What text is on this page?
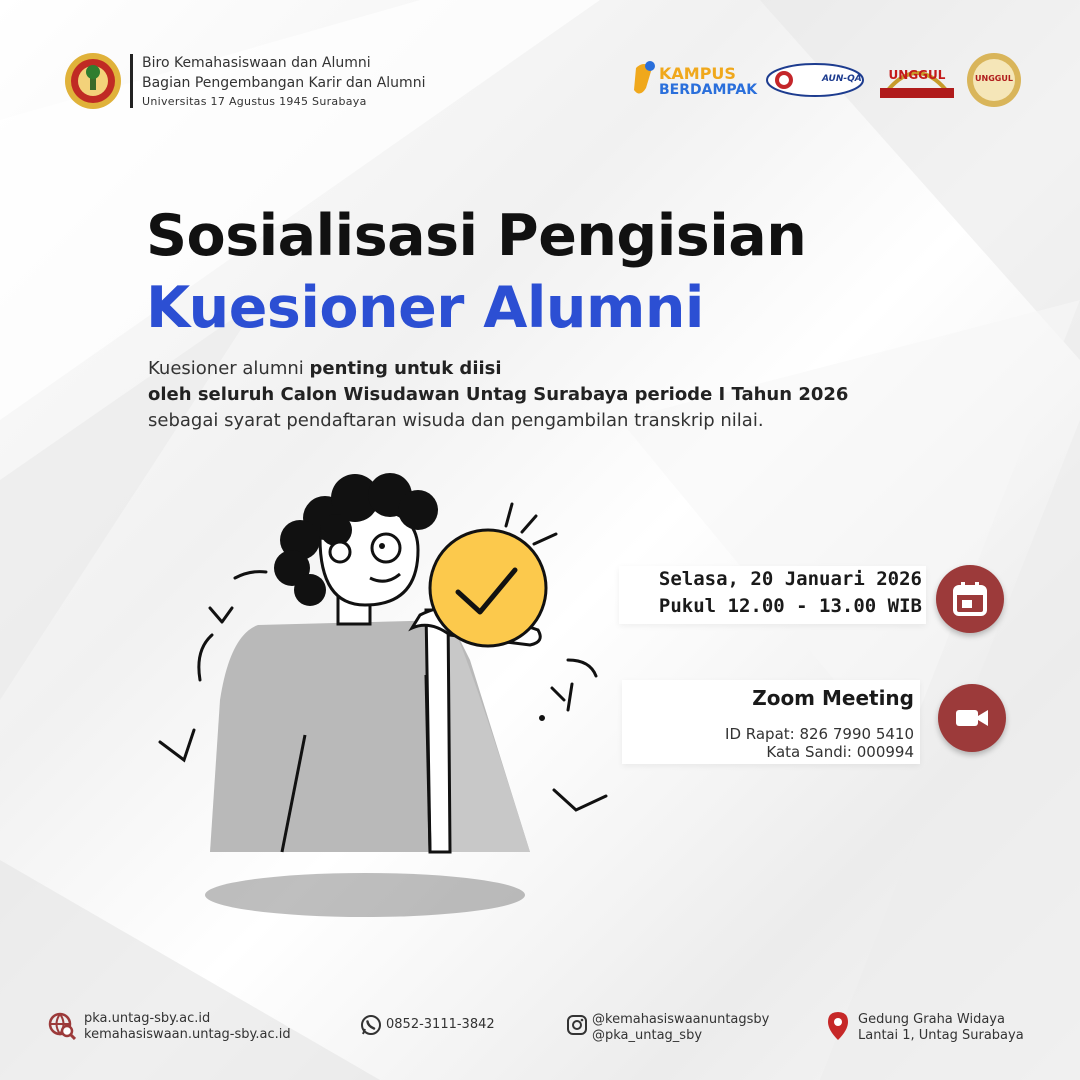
Biro Kemahasiswaan dan Alumni
Bagian Pengembangan Karir dan Alumni
Universitas 17 Agustus 1945 Surabaya
KAMPUS
BERDAMPAK
AUN-QA UNGGUL	UNGGUL
Sosialisasi Pengisian
Kuesioner Alumni
Kuesioner alumni penting untuk diisi
oleh seluruh Calon Wisudawan Untag Surabaya periode I Tahun 2026
sebagai syarat pendaftaran wisuda dan pengambilan transkrip nilai.
Selasa, 20 Januari 2026
Pukul 12.00 - 13.00 WIB
Zoom Meeting
ID Rapat: 826 7990 5410
Kata Sandi: 000994
pka.untag-sby.ac.id
kemahasiswaan.untag-sby.ac.id
0852-3111-3842	@kemahasiswaanuntagsby
@pka_untag_sby
Gedung Graha Widaya
Lantai 1, Untag Surabaya
